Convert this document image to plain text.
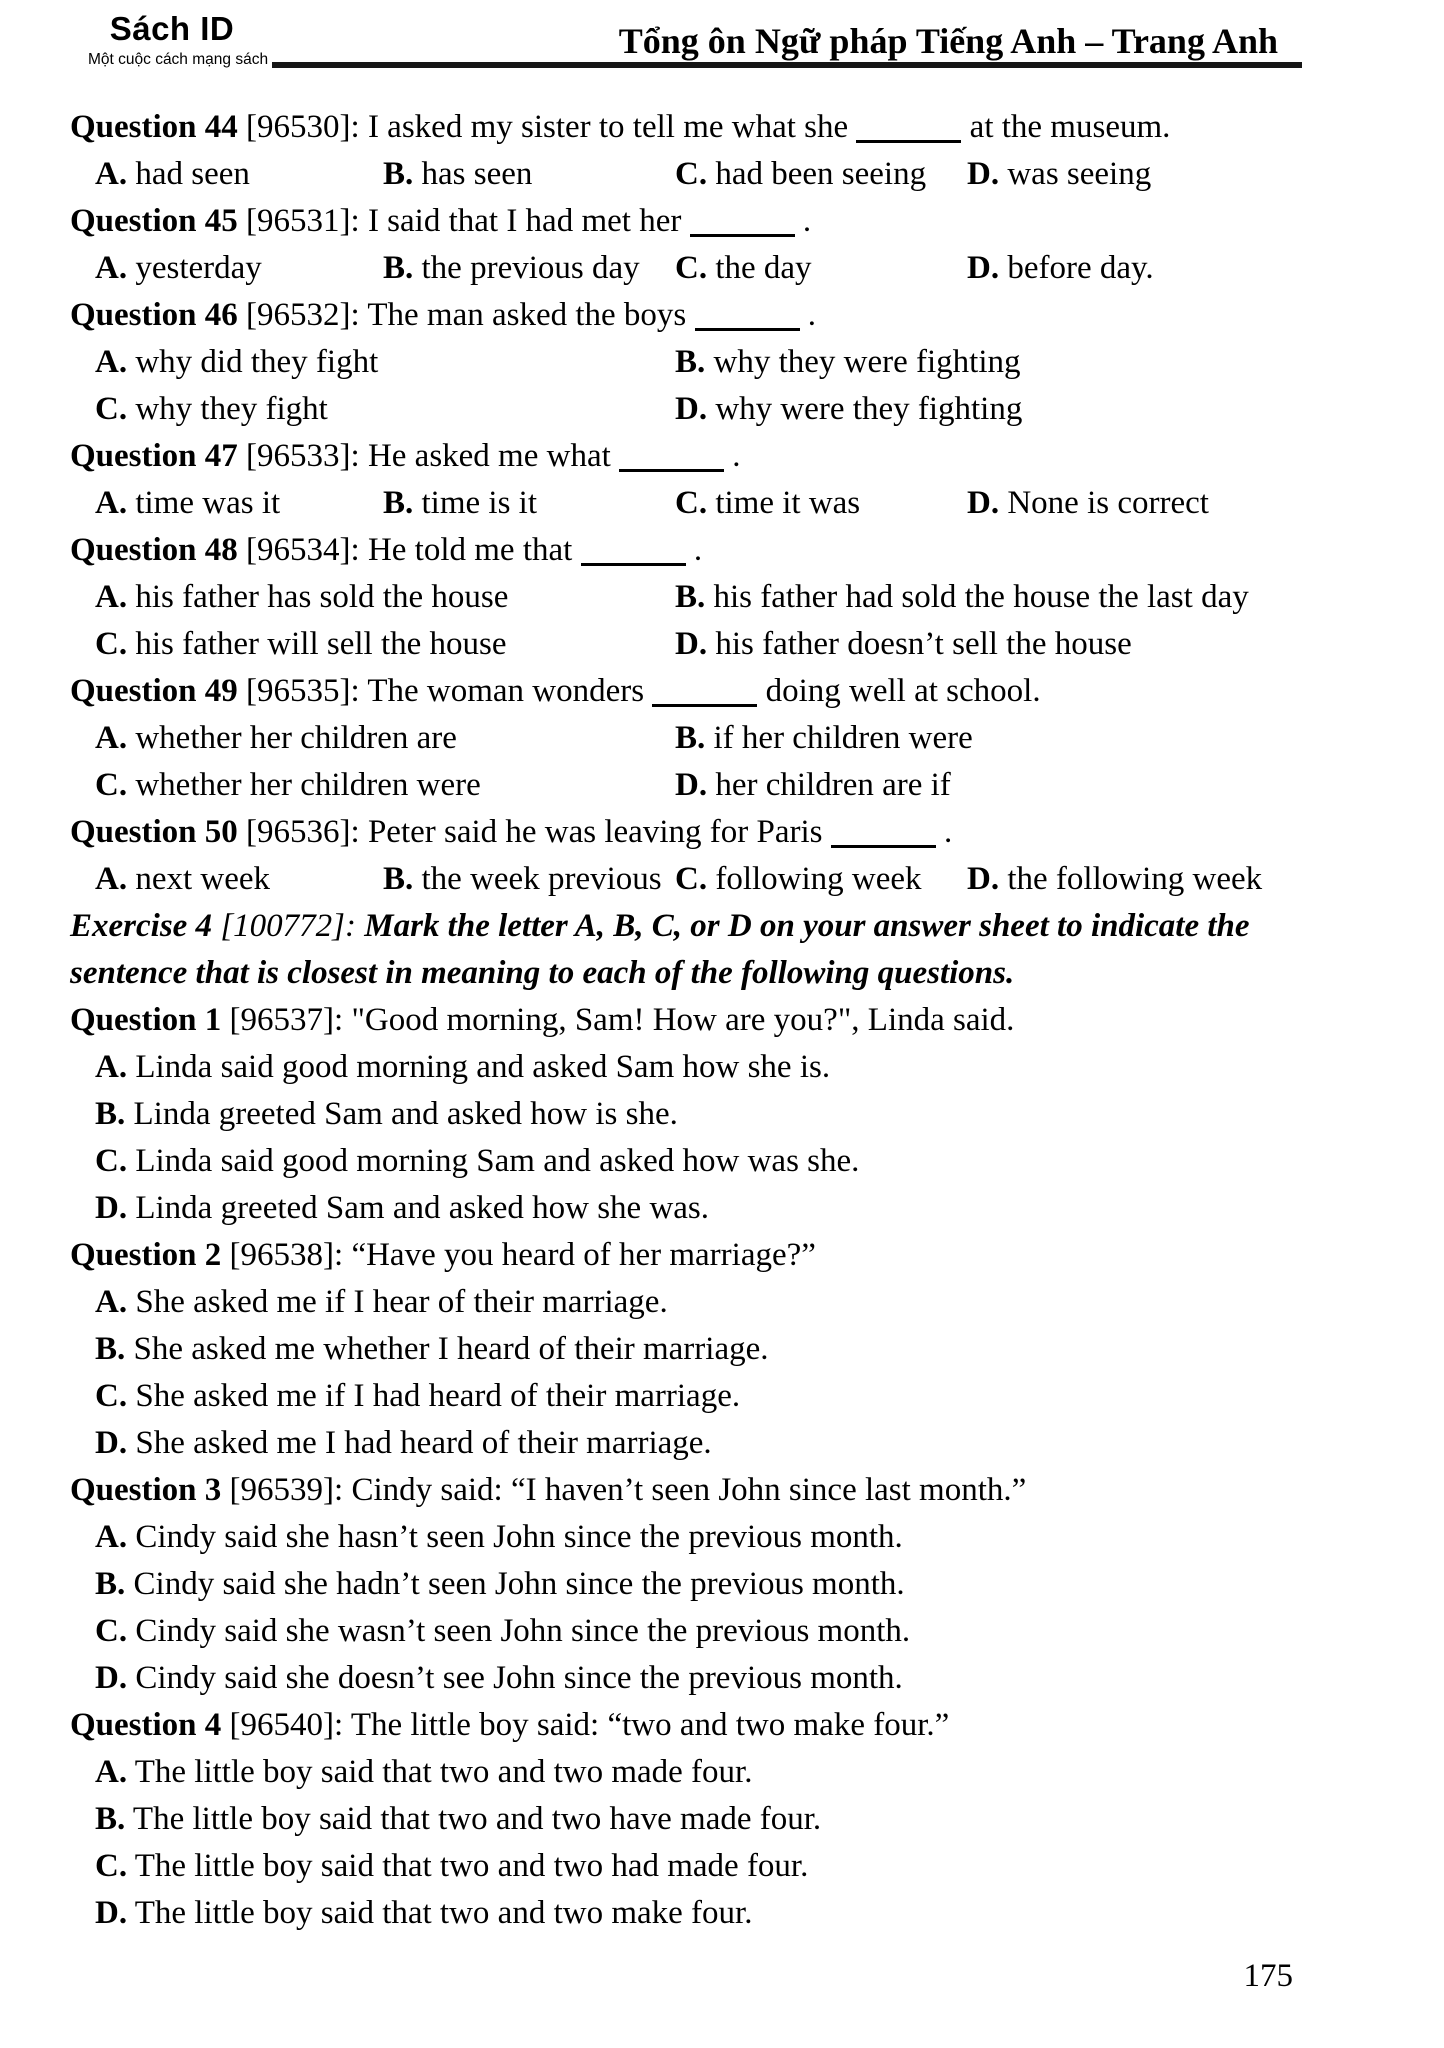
Sách ID
Một cuộc cách mạng sách	Tổng ôn Ngữ pháp Tiếng Anh – Trang Anh
Question 44 [96530]: I asked my sister to tell me what she	at the museum.
A. had seen	B. has seen	C. had been seeing	D. was seeing
Question 45 [96531]: I said that I had met her	.
A. yesterday	B. the previous day	C. the day	D. before day.
Question 46 [96532]: The man asked the boys	.
A. why did they fight	B. why they were fighting
C. why they fight	D. why were they fighting
Question 47 [96533]: He asked me what	.
A. time was it	B. time is it	C. time it was	D. None is correct
Question 48 [96534]: He told me that	.
A. his father has sold the house	B. his father had sold the house the last day
C. his father will sell the house	D. his father doesn’t sell the house
Question 49 [96535]: The woman wonders	doing well at school.
A. whether her children are	B. if her children were
C. whether her children were	D. her children are if
Question 50 [96536]: Peter said he was leaving for Paris	.
A. next week	B. the week previous C. following week	D. the following week
Exercise 4 [100772]: Mark the letter A, B, C, or D on your answer sheet to indicate the
sentence that is closest in meaning to each of the following questions.
Question 1 [96537]: "Good morning, Sam! How are you?", Linda said.
A. Linda said good morning and asked Sam how she is.
B. Linda greeted Sam and asked how is she.
C. Linda said good morning Sam and asked how was she.
D. Linda greeted Sam and asked how she was.
Question 2 [96538]: “Have you heard of her marriage?”
A. She asked me if I hear of their marriage.
B. She asked me whether I heard of their marriage.
C. She asked me if I had heard of their marriage.
D. She asked me I had heard of their marriage.
Question 3 [96539]: Cindy said: “I haven’t seen John since last month.”
A. Cindy said she hasn’t seen John since the previous month.
B. Cindy said she hadn’t seen John since the previous month.
C. Cindy said she wasn’t seen John since the previous month.
D. Cindy said she doesn’t see John since the previous month.
Question 4 [96540]: The little boy said: “two and two make four.”
A. The little boy said that two and two made four.
B. The little boy said that two and two have made four.
C. The little boy said that two and two had made four.
D. The little boy said that two and two make four.
175
